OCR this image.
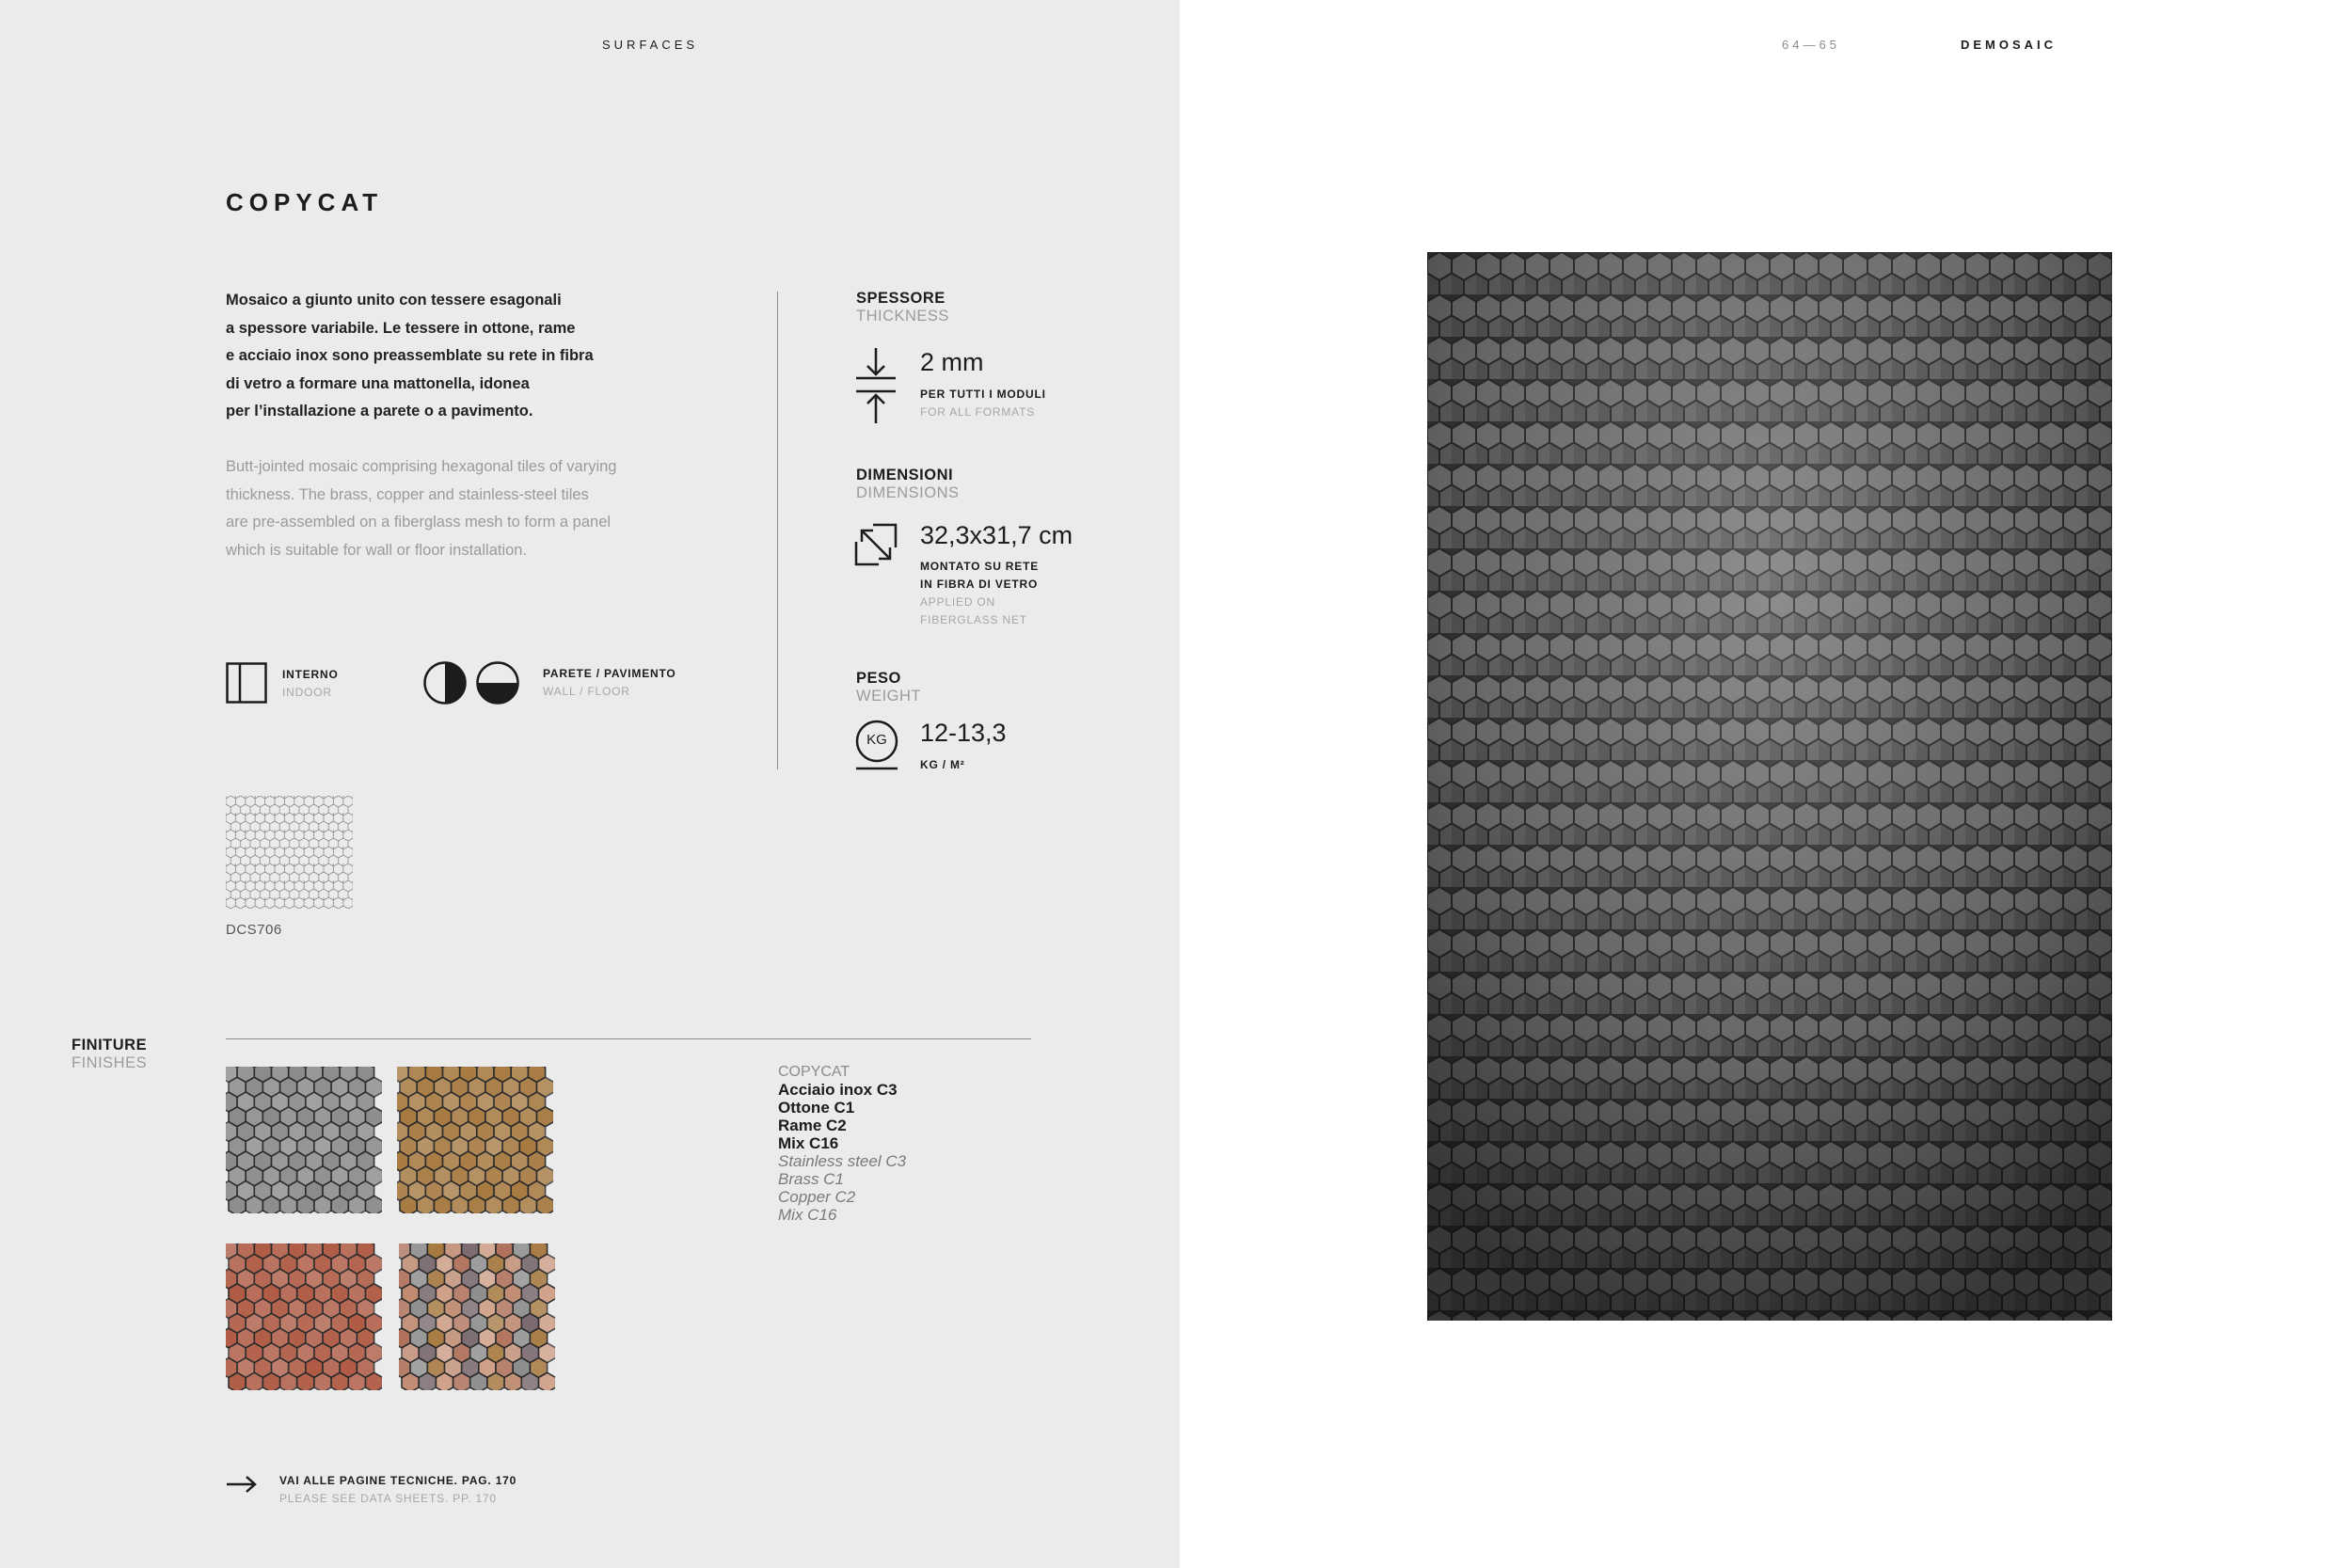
SURFACES
COPYCAT
Mosaico a giunto unito con tessere esagonali
a spessore variabile. Le tessere in ottone, rame
e acciaio inox sono preassemblate su rete in fibra
di vetro a formare una mattonella, idonea
per l’installazione a parete o a pavimento.
Butt-jointed mosaic comprising hexagonal tiles of varying
thickness. The brass, copper and stainless-steel tiles
are pre-assembled on a fiberglass mesh to form a panel
which is suitable for wall or floor installation.
INTERNO
INDOOR
PARETE / PAVIMENTO
WALL / FLOOR
DCS706
SPESSORE
THICKNESS
2 mm
PER TUTTI I MODULI
FOR ALL FORMATS
DIMENSIONI
DIMENSIONS
32,3x31,7 cm
MONTATO SU RETE
IN FIBRA DI VETRO
APPLIED ON
FIBERGLASS NET
PESO
WEIGHT
KG	12-13,3
KG / M²
FINITURE
FINISHES
COPYCAT
Acciaio inox C3
Ottone C1
Rame C2
Mix C16
Stainless steel C3
Brass C1
Copper C2
Mix C16
VAI ALLE PAGINE TECNICHE. PAG. 170
PLEASE SEE DATA SHEETS. PP. 170
64—65	DEMOSAIC
